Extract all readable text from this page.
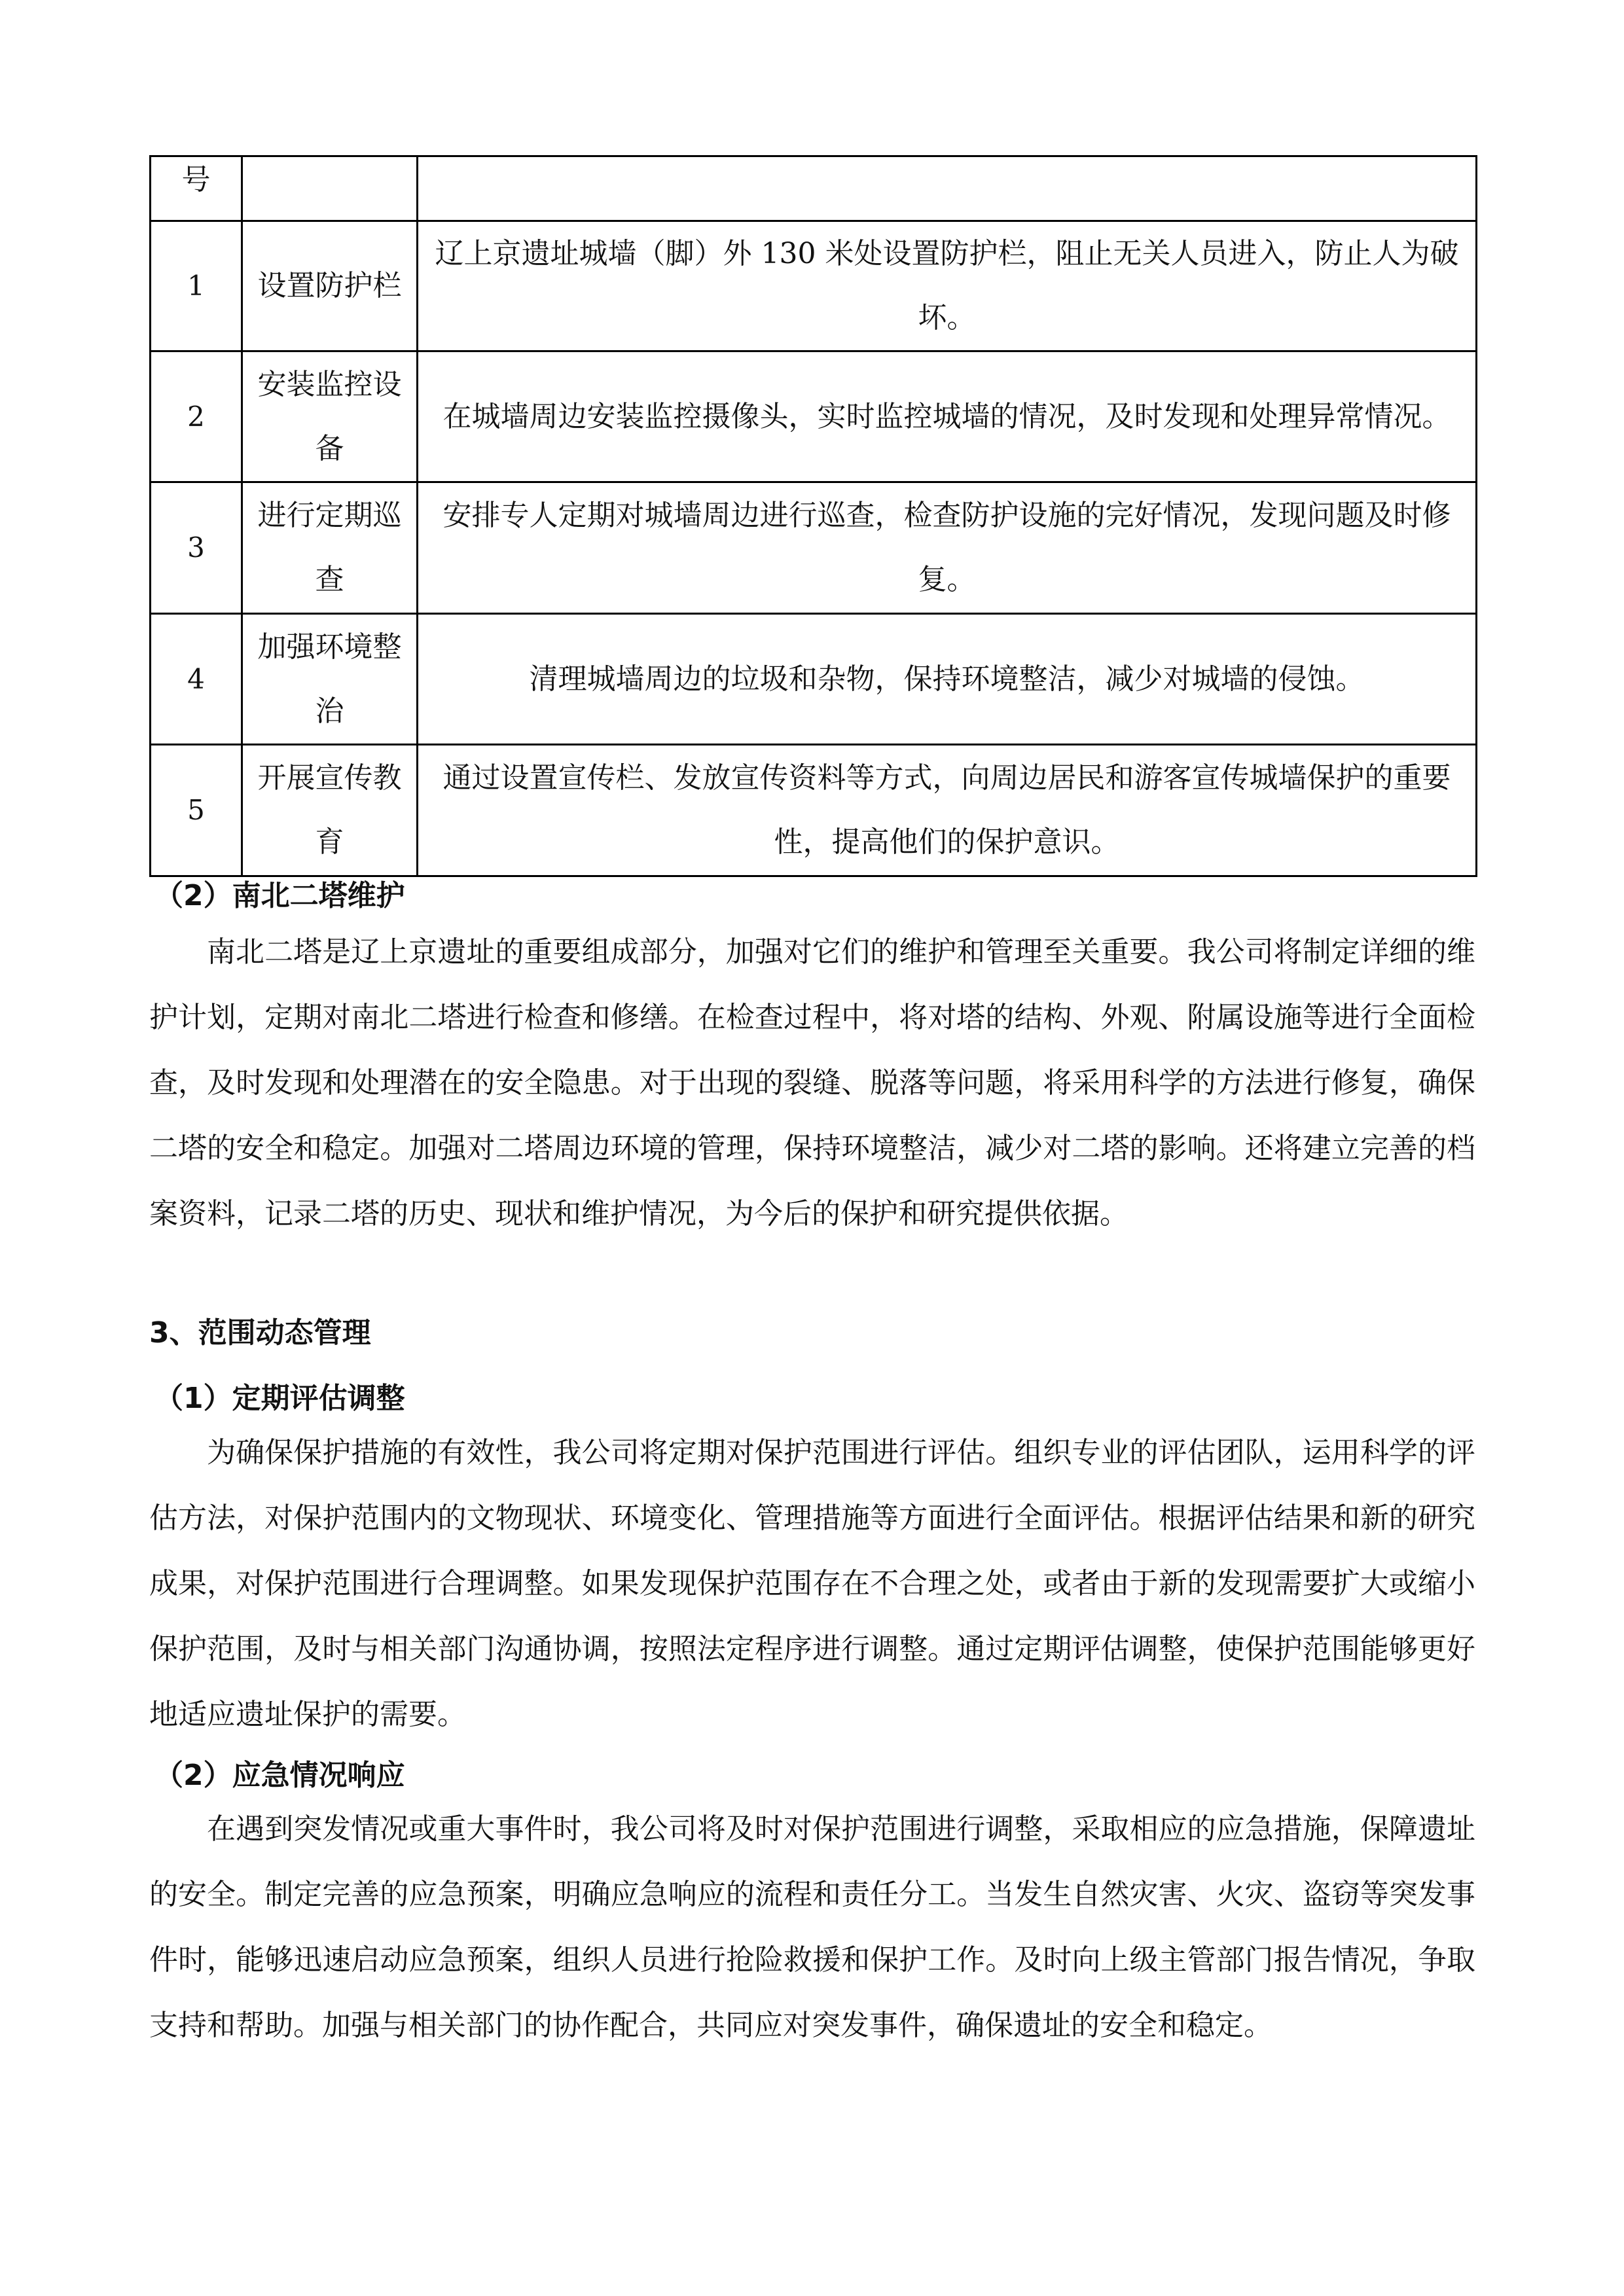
号		
1	设置防护栏	辽上京遗址城墙（脚）外 130 米处设置防护栏，阻止无关人员进入，防止人为破坏。
2	安装监控设备	在城墙周边安装监控摄像头，实时监控城墙的情况，及时发现和处理异常情况。
3	进行定期巡查	安排专人定期对城墙周边进行巡查，检查防护设施的完好情况，发现问题及时修复。
4	加强环境整治	清理城墙周边的垃圾和杂物，保持环境整洁，减少对城墙的侵蚀。
5	开展宣传教育	通过设置宣传栏、发放宣传资料等方式，向周边居民和游客宣传城墙保护的重要性，提高他们的保护意识。
（2）南北二塔维护

南北二塔是辽上京遗址的重要组成部分，加强对它们的维护和管理至关重要。我公司将制定详细的维护计划，定期对南北二塔进行检查和修缮。在检查过程中，将对塔的结构、外观、附属设施等进行全面检查，及时发现和处理潜在的安全隐患。对于出现的裂缝、脱落等问题，将采用科学的方法进行修复，确保二塔的安全和稳定。加强对二塔周边环境的管理，保持环境整洁，减少对二塔的影响。还将建立完善的档案资料，记录二塔的历史、现状和维护情况，为今后的保护和研究提供依据。

3、范围动态管理
（1）定期评估调整

为确保保护措施的有效性，我公司将定期对保护范围进行评估。组织专业的评估团队，运用科学的评估方法，对保护范围内的文物现状、环境变化、管理措施等方面进行全面评估。根据评估结果和新的研究成果，对保护范围进行合理调整。如果发现保护范围存在不合理之处，或者由于新的发现需要扩大或缩小保护范围，及时与相关部门沟通协调，按照法定程序进行调整。通过定期评估调整，使保护范围能够更好地适应遗址保护的需要。

（2）应急情况响应

在遇到突发情况或重大事件时，我公司将及时对保护范围进行调整，采取相应的应急措施，保障遗址的安全。制定完善的应急预案，明确应急响应的流程和责任分工。当发生自然灾害、火灾、盗窃等突发事件时，能够迅速启动应急预案，组织人员进行抢险救援和保护工作。及时向上级主管部门报告情况，争取支持和帮助。加强与相关部门的协作配合，共同应对突发事件，确保遗址的安全和稳定。
